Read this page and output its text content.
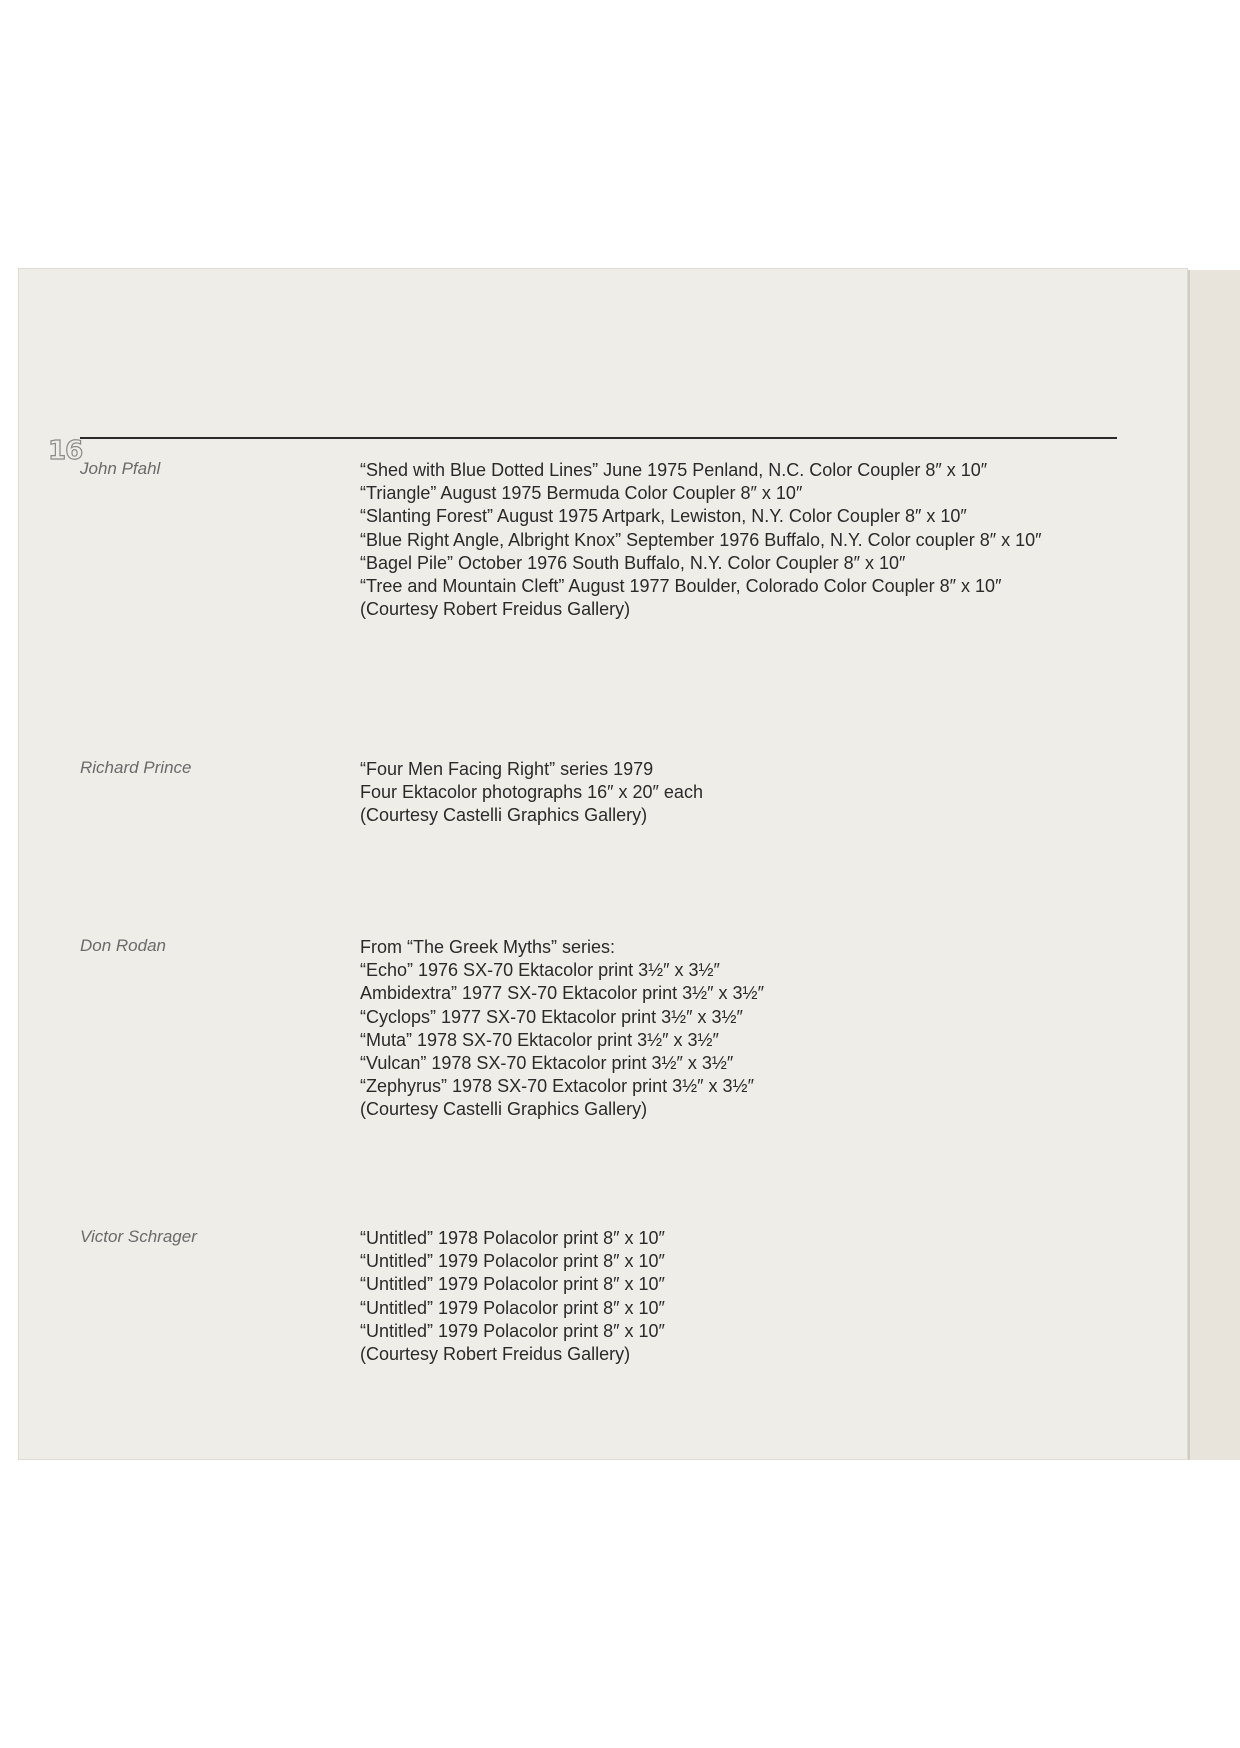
16
John Pfahl	“Shed with Blue Dotted Lines” June 1975 Penland, N.C. Color Coupler 8″ x 10″
“Triangle” August 1975 Bermuda Color Coupler 8″ x 10″
“Slanting Forest” August 1975 Artpark, Lewiston, N.Y. Color Coupler 8″ x 10″
“Blue Right Angle, Albright Knox” September 1976 Buffalo, N.Y. Color coupler 8″ x 10″
“Bagel Pile” October 1976 South Buffalo, N.Y. Color Coupler 8″ x 10″
“Tree and Mountain Cleft” August 1977 Boulder, Colorado Color Coupler 8″ x 10″
(Courtesy Robert Freidus Gallery)
Richard Prince	“Four Men Facing Right” series 1979
Four Ektacolor photographs 16″ x 20″ each
(Courtesy Castelli Graphics Gallery)
Don Rodan	From “The Greek Myths” series:
“Echo” 1976 SX-70 Ektacolor print 3½″ x 3½″
Ambidextra” 1977 SX-70 Ektacolor print 3½″ x 3½″
“Cyclops” 1977 SX-70 Ektacolor print 3½″ x 3½″
“Muta” 1978 SX-70 Ektacolor print 3½″ x 3½″
“Vulcan” 1978 SX-70 Ektacolor print 3½″ x 3½″
“Zephyrus” 1978 SX-70 Extacolor print 3½″ x 3½″
(Courtesy Castelli Graphics Gallery)
Victor Schrager	“Untitled” 1978 Polacolor print 8″ x 10″
“Untitled” 1979 Polacolor print 8″ x 10″
“Untitled” 1979 Polacolor print 8″ x 10″
“Untitled” 1979 Polacolor print 8″ x 10″
“Untitled” 1979 Polacolor print 8″ x 10″
(Courtesy Robert Freidus Gallery)
